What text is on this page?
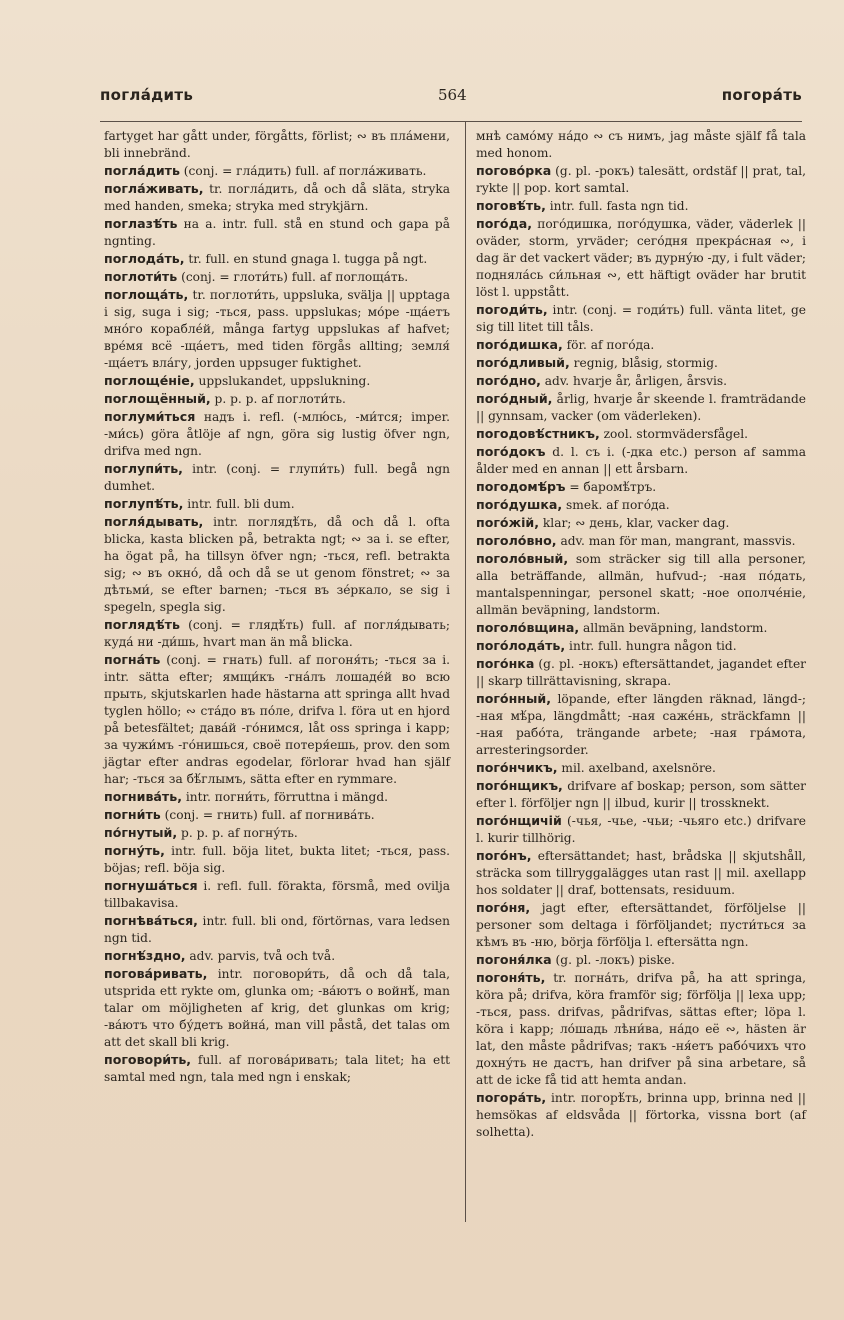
погла́дить	564	погоpа́ть

fartyget har gått under, förgåtts, förlist; ∾ въ пла́мени, bli innebränd.

погла́дить (conj. = гла́дить) full. af погла́живать.

погла́живать, tr. погла́дить, då och då släta, stryka med handen, smeka; stryka med strykjärn.

поглазѣ́ть на a. intr. full. stå en stund och gapa på ngnting.

поглода́ть, tr. full. en stund gnaga l. tugga på ngt.

поглоти́ть (conj. = глоти́ть) full. af поглоща́ть.

поглоща́ть, tr. поглоти́ть, uppsluka, svälja || upptaga i sig, suga i sig; -ться, pass. uppslukas; мо́ре -ща́етъ мно́го корабле́й, många fartyg uppslukas af hafvet; вре́мя всё -ща́етъ, med tiden förgås allting; земля́ -ща́етъ вла́гу, jorden uppsuger fuktighet.

поглоще́ніе, uppslukandet, uppslukning.

поглощённый, p. p. p. af поглоти́ть.

поглуми́ться надъ i. refl. (-млю́сь, -ми́тся; imper. -ми́сь) göra åtlöje af ngn, göra sig lustig öfver ngn, drifva med ngn.

поглупи́ть, intr. (conj. = глупи́ть) full. begå ngn dumhet.

поглупѣ́ть, intr. full. bli dum.

погля́дывать, intr. поглядѣ́ть, då och då l. ofta blicka, kasta blicken på, betrakta ngt; ∾ за i. se efter, ha ögat på, ha tillsyn öfver ngn; -ться, refl. betrakta sig; ∾ въ окно́, då och då se ut genom fönstret; ∾ за дѣтьми́, se efter barnen; -ться въ зе́ркало, se sig i spegeln, spegla sig.

поглядѣ́ть (conj. = глядѣ́ть) full. af погля́дывать; куда́ ни -ди́шь, hvart man än må blicka.

погна́ть (conj. = гнать) full. af погоня́ть; -ться за i. intr. sätta efter; ямщи́къ -гна́лъ лошаде́й во всю прыть, skjutskarlen hade hästarna att springa allt hvad tyglen höllo; ∾ ста́до въ по́ле, drifva l. föra ut en hjord på betesfältet; дава́й -го́нимся, låt oss springa i kapp; за чужи́мъ -го́нишься, своё потеря́ешь, prov. den som jägtar efter andras egodelar, förlorar hvad han själf har; -ться за бѣ́глымъ, sätta efter en rymmare.

погнива́ть, intr. погни́ть, förruttna i mängd.

погни́ть (conj. = гнить) full. af погнива́ть.

по́гнутый, p. p. p. af погну́ть.

погну́ть, intr. full. böja litet, bukta litet; -ться, pass. böjas; refl. böja sig.

погнуша́ться i. refl. full. förakta, försmå, med ovilja tillbakavisa.

погнѣва́ться, intr. full. bli ond, förtörnas, vara ledsen ngn tid.

погнѣ́здно, adv. parvis, två och två.

погова́ривать, intr. поговори́ть, då och då tala, utsprida ett rykte om, glunka om; -ва́ютъ о войнѣ́, man talar om möjligheten af krig, det glunkas om krig; -ва́ютъ что бу́детъ война́, man vill påstå, det talas om att det skall bli krig.

поговори́ть, full. af погова́ривать; tala litet; ha ett samtal med ngn, tala med ngn i enskak;

мнѣ само́му на́до ∾ съ нимъ, jag måste själf få tala med honom.

погово́рка (g. pl. -рокъ) talesätt, ordstäf || prat, tal, rykte || pop. kort samtal.

поговѣ́ть, intr. full. fasta ngn tid.

пого́да, пого́дишка, пого́душка, väder, väderlek || oväder, storm, yrväder; сего́дня прекра́сная ∾, i dag är det vackert väder; въ дурну́ю -ду, i fult väder; подняла́сь си́льная ∾, ett häftigt oväder har brutit löst l. uppstått.

погоди́ть, intr. (conj. = годи́ть) full. vänta litet, ge sig till litet till tåls.

пого́дишка, för. af пого́да.

пого́дливый, regnig, blåsig, stormig.

пого́дно, adv. hvarje år, årligen, årsvis.

пого́дный, årlig, hvarje år skeende l. framträdande || gynnsam, vacker (om väderleken).

погодовѣ́стникъ, zool. stormvädersfågel.

пого́докъ d. l. съ i. (-дка etc.) person af samma ålder med en annan || ett årsbarn.

погодомѣ́ръ = баромѣ́тръ.

пого́душка, smek. af пого́да.

пого́жій, klar; ∾ день, klar, vacker dag.

поголо́вно, adv. man för man, mangrant, massvis.

поголо́вный, som sträcker sig till alla personer, alla beträffande, allmän, hufvud-; -ная по́дать, mantalspenningar, personel skatt; -ное ополче́ніе, allmän beväpning, landstorm.

поголо́вщина, allmän beväpning, landstorm.

пого́лода́ть, intr. full. hungra någon tid.

пого́нка (g. pl. -нокъ) eftersättandet, jagandet efter || skarp tillrättavisning, skrapa.

пого́нный, löpande, efter längden räknad, längd-; -ная мѣ́ра, längdmått; -ная саже́нь, sträckfamn || -ная рабо́та, trängande arbete; -ная гра́мота, arresteringsorder.

пого́нчикъ, mil. axelband, axelsnöre.

пого́нщикъ, drifvare af boskap; person, som sätter efter l. förföljer ngn || ilbud, kurir || trossknekt.

пого́нщичій (-чья, -чье, -чьи; -чьяго etc.) drifvare l. kurir tillhörig.

пого́нъ, eftersättandet; hast, brådska || skjutshåll, sträcka som tillryggalägges utan rast || mil. axellapp hos soldater || draf, bottensats, residuum.

пого́ня, jagt efter, eftersättandet, förföljelse || personer som deltaga i förföljandet; пусти́ться за кѣмъ въ -ню, börja förfölja l. eftersätta ngn.

погоня́лка (g. pl. -локъ) piske.

погоня́ть, tr. погна́ть, drifva på, ha att springa, köra på; drifva, köra framför sig; förfölja || lexa upp; -ться, pass. drifvas, pådrifvas, sättas efter; löpa l. köra i kapp; ло́шадь лѣни́ва, на́до её ∾, hästen är lat, den måste pådrifvas; такъ -ня́етъ рабо́чихъ что дохну́ть не дастъ, han drifver på sina arbetare, så att de icke få tid att hemta andan.

погоpа́ть, intr. погорѣ́ть, brinna upp, brinna ned || hemsökas af eldsvåda || förtorka, vissna bort (af solhetta).
